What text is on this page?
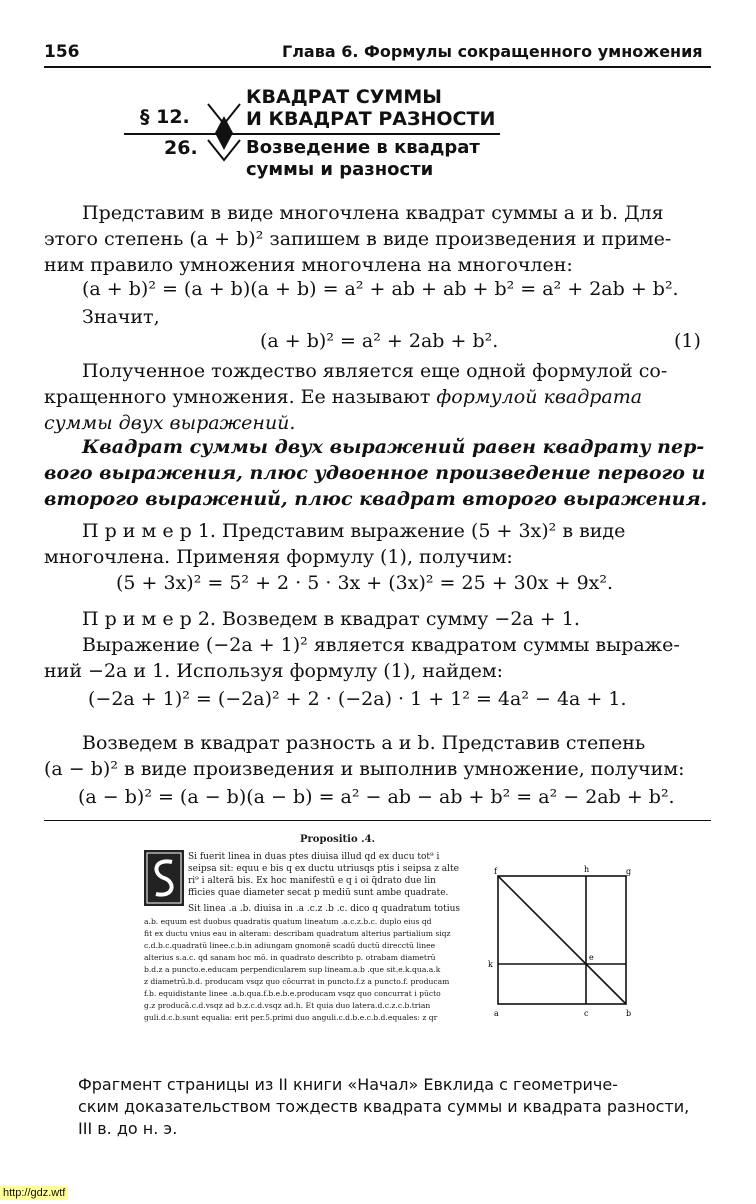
156	Глава 6. Формулы сокращенного умножения
§ 12.
КВАДРАТ СУММЫ
И КВАДРАТ РАЗНОСТИ
26.	Возведение в квадрат
суммы и разности
Представим в виде многочлена квадрат суммы a и b. Для
этого степень (a + b)² запишем в виде произведения и приме-
ним правило умножения многочлена на многочлен:
(a + b)² = (a + b)(a + b) = a² + ab + ab + b² = a² + 2ab + b².
Значит,
(a + b)² = a² + 2ab + b².	(1)
Полученное тождество является еще одной формулой со-
кращенного умножения. Ее называют формулой квадрата
суммы двух выражений.
Квадрат суммы двух выражений равен квадрату пер-
вого выражения, плюс удвоенное произведение первого и
второго выражений, плюс квадрат второго выражения.
П р и м е р 1. Представим выражение (5 + 3x)² в виде
многочлена. Применяя формулу (1), получим:
(5 + 3x)² = 5² + 2 · 5 · 3x + (3x)² = 25 + 30x + 9x².
П р и м е р 2. Возведем в квадрат сумму −2a + 1.
Выражение (−2a + 1)² является квадратом суммы выраже-
ний −2a и 1. Используя формулу (1), найдем:
(−2a + 1)² = (−2a)² + 2 · (−2a) · 1 + 1² = 4a² − 4a + 1.
Возведем в квадрат разность a и b. Представив степень
(a − b)² в виде произведения и выполнив умножение, получим:
(a − b)² = (a − b)(a − b) = a² − ab − ab + b² = a² − 2ab + b².
Propositio .4.
Si fuerit linea in duas ptes diuisa illud qd ex ducu tot⁹ i
seipsa sit: equu e bis q ex ductu utriusqs ptis i seipsa z alte
ri⁹ i alterā bis. Ex hoc manifestū e q i oi q̄drato due lin
fficies quae diameter secat p mediū sunt ambe quadrate.
Sit linea .a .b. diuisa in .a .c.z .b .c. dico q quadratum totius
a.b. equum est duobus quadratis quatum lineatum .a.c.z.b.c. duplo eius qd
fit ex ductu vnius eau in alteram: describam quadratum alterius partialium siqz
c.d.b.c.quadratū linee.c.b.in adiungam gnomonē scadū ductū direcctū linee
alterius s.a.c. qd sanam hoc mō. in quadrato describto p. otrabam diametrū
b.d.z a puncto.e.educam perpendicularem sup lineam.a.b .que sit.e.k.qua.a.k
z diametrū.b.d. producam vsqz quo cōcurrat in puncto.f.z a puncto.f. producam
f.b. equidistante linee .a.b.qua.f.b.e.b.e.producam vsqz quo concurrat i pūcto
g.z producā.c.d.vsqz ad b.z.c.d.vsqz ad.h. Et quia duo latera.d.c.z.c.b.trian
guli.d.c.b.sunt equalia: erit per.5.primi duo anguli.c.d.b.e.c.b.d.equales: z qr
f	h	g
k
e
a	c	b
Фрагмент страницы из II книги «Начал» Евклида с геометриче-
ским доказательством тождеств квадрата суммы и квадрата разности,
III в. до н. э.
http://gdz.wtf
